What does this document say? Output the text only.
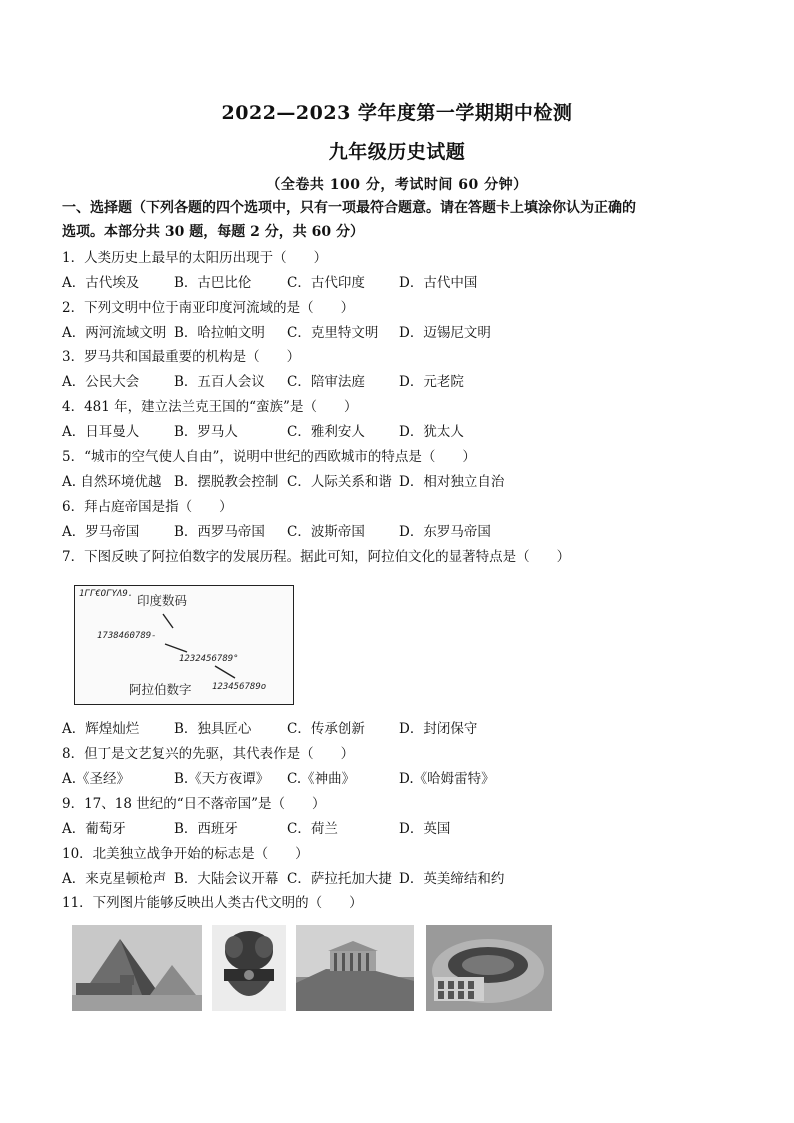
2022—2023 学年度第一学期期中检测
九年级历史试题
（全卷共 100 分，考试时间 60 分钟）
一、选择题（下列各题的四个选项中，只有一项最符合题意。请在答题卡上填涂你认为正确的
选项。本部分共 30 题，每题 2 分，共 60 分）
1．人类历史上最早的太阳历出现于（　　）
A．古代埃及	B．古巴比伦	C．古代印度	D．古代中国
2．下列文明中位于南亚印度河流域的是（　　）
A．两河流域文明 B．哈拉帕文明 C．克里特文明 D．迈锡尼文明
3．罗马共和国最重要的机构是（　　）
A．公民大会	B．五百人会议 C．陪审法庭	D．元老院
4．481 年，建立法兰克王国的“蛮族”是（　　）
A．日耳曼人	B．罗马人	C．雅利安人	D．犹太人
5．“城市的空气使人自由”，说明中世纪的西欧城市的特点是（　　）
A. 自然环境优越 B．摆脱教会控制 C．人际关系和谐 D．相对独立自治
6．拜占庭帝国是指（　　）
A．罗马帝国	B．西罗马帝国 C．波斯帝国	D．东罗马帝国
7．下图反映了阿拉伯数字的发展历程。据此可知，阿拉伯文化的显著特点是（　　）
1ΓΓ€OΓΥΛ9. 印度数码
1738460789-
1232456789°
123456789o
阿拉伯数字
A．辉煌灿烂	B．独具匠心	C．传承创新	D．封闭保守
8．但丁是文艺复兴的先驱，其代表作是（　　）
A.《圣经》	B.《天方夜谭》 C.《神曲》	D.《哈姆雷特》
9．17、18 世纪的“日不落帝国”是（　　）
A．葡萄牙	B．西班牙	C．荷兰	D．英国
10．北美独立战争开始的标志是（　　）
A．来克星顿枪声 B．大陆会议开幕 C．萨拉托加大捷 D．英美缔结和约
11．下列图片能够反映出人类古代文明的（　　）
